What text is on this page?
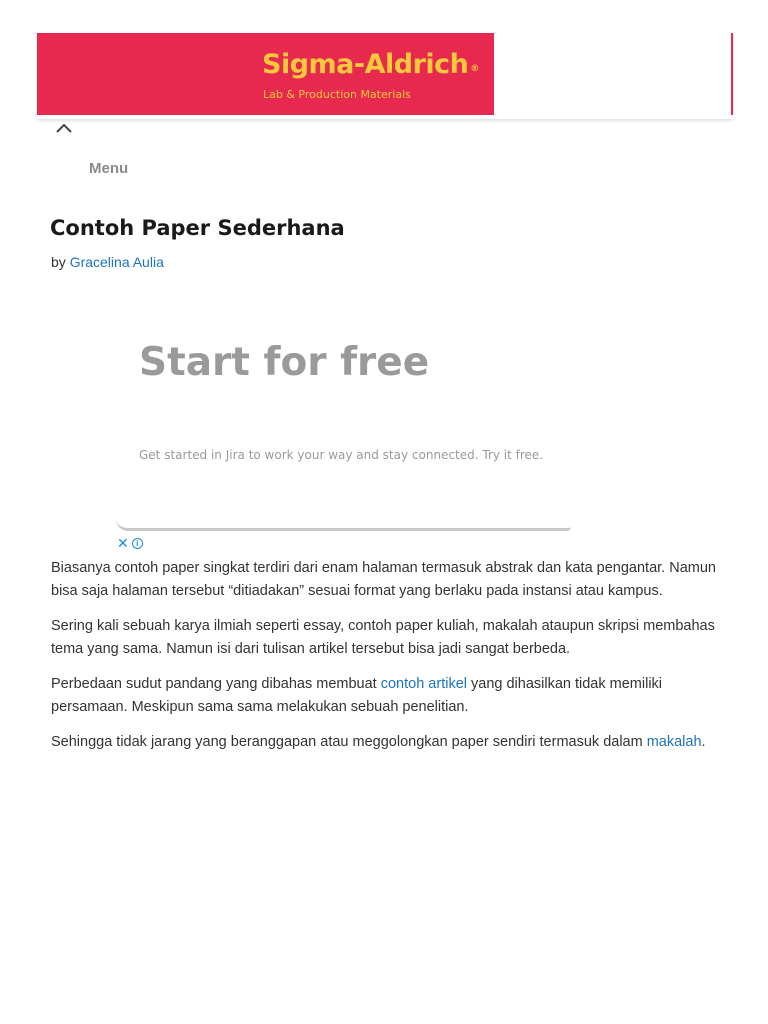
Sigma-Aldrich ®
Lab & Production Materials
Menu
Contoh Paper Sederhana
by Gracelina Aulia
Start for free
Get started in Jira to work your way and stay connected. Try it free.
✕ i

Biasanya contoh paper singkat terdiri dari enam halaman termasuk abstrak dan kata pengantar. Namun bisa saja halaman tersebut “ditiadakan” sesuai format yang berlaku pada instansi atau kampus.

Sering kali sebuah karya ilmiah seperti essay, contoh paper kuliah, makalah ataupun skripsi membahas tema yang sama. Namun isi dari tulisan artikel tersebut bisa jadi sangat berbeda.

Perbedaan sudut pandang yang dibahas membuat contoh artikel yang dihasilkan tidak memiliki persamaan. Meskipun sama sama melakukan sebuah penelitian.

Sehingga tidak jarang yang beranggapan atau meggolongkan paper sendiri termasuk dalam makalah.
